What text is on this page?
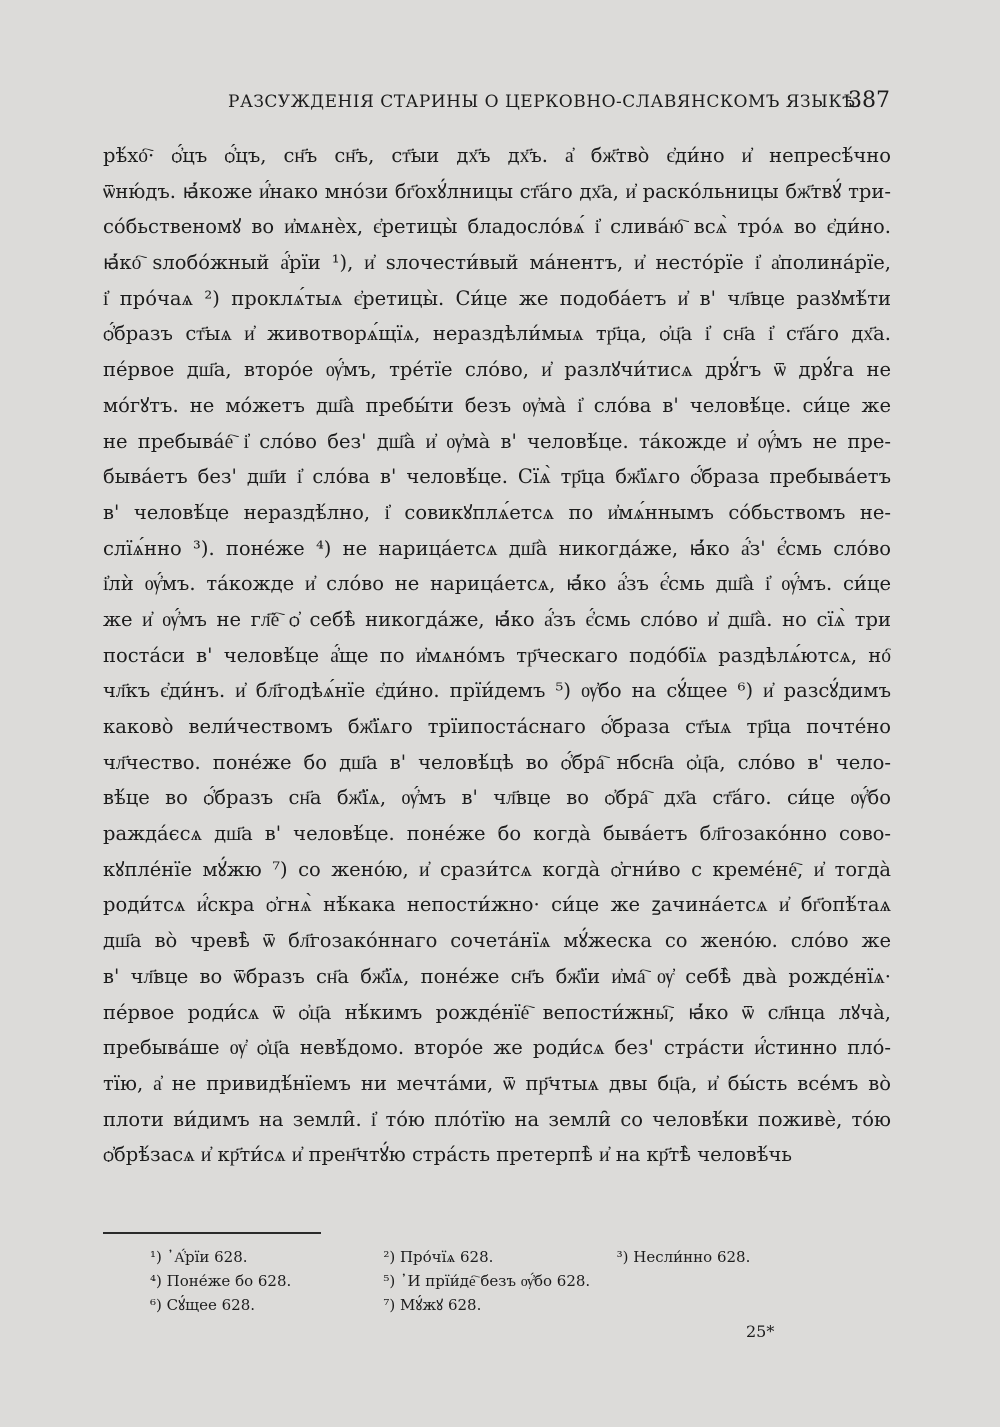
РАЗСУЖДЕНІЯ СТАРИНЫ О ЦЕРКОВНО-СЛАВЯНСКОМЪ ЯЗЫКѢ.
387
рѣ́хо҇· ѻ҆́цъ ѻ҆́цъ, сн҃ъ сн҃ъ, ст҃ыи дх҃ъ дх҃ъ. а҆ бж҃тво̀ є҆ди́но и҆ непресѣ́чно
ѿню́дъ. ꙗ҆́коже и҆́нако мно́зи бг҃охꙋ́лницы ст҃а́го дх҃а, и҆ раско́льницы бж҃твꙋ́ три-
со́бьственомꙋ во и҆мѧнѐх, є҆ретицы̀ бладосло́вѧ́ і҆ слива́ю҇ всѧ̀ тро́ѧ во є҆ди́но.
ꙗ҆́ко҇ ѕлобо́жный а҆́рїи ¹), и҆ ѕлочести́вый ма́нентъ, и҆ несто́рїе і҆ а҆полина́рїе,
і҆ про́чаѧ ²) проклѧ́тыѧ є҆ретицы̀. Си́це же подоба́етъ и҆ в' чл҃вце разꙋмѣ́ти
ѻ҆́бразъ ст҃ыѧ и҆ животворѧ́щїѧ, нераздѣли́мыѧ тр҃ца, ѻ҆ц҃а і҆ сн҃а і҆ ст҃а́го дх҃а.
пе́рвое дш҃а, второ́е ѹ҆́мъ, тре́тїе сло́во, и҆ разлꙋчи́тисѧ дрꙋ́гъ ѿ дрꙋ́га не
мо́гꙋтъ. не мо́жетъ дш҃а̀ пребы́ти безъ ѹ҆ма̀ і҆ сло́ва в' человѣ́це. си́це же
не пребыва́е҇ і҆ сло́во без' дш҃а̀ и҆ ѹ҆ма̀ в' человѣ́це. та́кожде и҆ ѹ҆́мъ не пре-
быва́етъ без' дш҃и і҆ сло́ва в' человѣ́це. Сїѧ̀ тр҃ца бж҃їѧго ѻ҆́браза пребыва́етъ
в' человѣ́це нераздѣ́лно, і҆ совикꙋплѧ́етсѧ по и҆мѧ́ннымъ со́бьствомъ не-
слїѧ́нно ³). поне́же ⁴) не нарица́етсѧ дш҃а̀ никогда́же, ꙗ҆́ко а҆́з' є҆́смь сло́во
і҆лѝ ѹ҆́мъ. та́кожде и҆ сло́во не нарица́етсѧ, ꙗ҆́ко а҆́зъ є҆́смь дш҃а̀ і҆ ѹ҆́мъ. си́це
же и҆ ѹ҆́мъ не гл҃е҇ ѻ҆ себѣ̀ никогда́же, ꙗ҆́ко а҆́зъ є҆́смь сло́во и҆ дш҃а̀. но сїѧ̀ три
поста́си в' человѣ́це а҆́ще по и҆мѧно́мъ тр҃ческаго подо́бїѧ раздѣлѧ́ютсѧ, но҇
чл҃къ є҆ди́нъ. и҆ бл҃годѣѧ́нїе є҆ди́но. прїи́демъ ⁵) ѹ҆бо на сꙋ́щее ⁶) и҆ разсꙋ́димъ
каково̀ вели́чествомъ бж҃їѧго трїипоста́снаго ѻ҆́браза ст҃ыѧ тр҃ца почте́но
чл҃чество. поне́же бо дш҃а в' человѣ́цѣ во ѻ҆́бра҇ нбсн҃а ѻ҆ц҃а, сло́во в' чело-
вѣ́це во ѻ҆́бразъ сн҃а бж҃їѧ, ѹ҆́мъ в' чл҃вце во ѻ҆бра҇ дх҃а ст҃а́го. си́це ѹ҆́бо
ражда́єсѧ дш҃а в' человѣ́це. поне́же бо когда̀ быва́етъ бл҃гозако́нно сово-
кꙋпле́нїе мꙋ́жю ⁷) со жено́ю, и҆ срази́тсѧ когда̀ ѻ҆гни́во с креме́не҇, и҆ тогда̀
роди́тсѧ и҆́скра ѻ҆гнѧ̀ нѣ́кака непости́жно· си́це же ꙁачина́етсѧ и҆ бг҃опѣ́таѧ
дш҃а во̀ чревѣ̀ ѿ бл҃гозако́ннаго сочета́нїѧ мꙋ́жеска со жено́ю. сло́во же
в' чл҃вце во ѿбразъ сн҃а бж҃їѧ, поне́же сн҃ъ бж҃їи и҆ма҇ ѹ҆ себѣ̀ два̀ рожде́нїѧ·
пе́рвое роди́сѧ ѿ ѻ҆ц҃а нѣ́кимъ рожде́нїе҇ вепости́жны҇, ꙗ҆́ко ѿ сл҃нца лꙋча̀,
пребыва́ше ѹ҆ ѻ҆ц҃а невѣ́домо. второ́е же роди́сѧ без' стра́сти и҆́стинно пло́-
тїю, а҆ не привидѣ́нїемъ ни мечта́ми, ѿ пр҃чтыѧ двы бц҃а, и҆ бы́сть все́мъ во̀
плоти ви́димъ на земли̑. і҆ то́ю пло́тїю на земли̑ со человѣ́ки поживѐ, то́ю
ѻ҆брѣ́засѧ и҆ кр҃ти́сѧ и҆ прен҃чтꙋ́ю стра́сть претерпѣ̀ и҆ на кр҃тѣ̀ человѣ́чь
¹) ᾿А҆́рїи 628.	²) Про́чїѧ 628.	³) Несли́нно 628.
⁴) Поне́же бо 628.	⁵) ᾿И прїи́де҇ безъ ѹ҆́бо 628.
⁶) Сꙋ́щее 628.	⁷) Мꙋ́жꙋ 628.
25*
